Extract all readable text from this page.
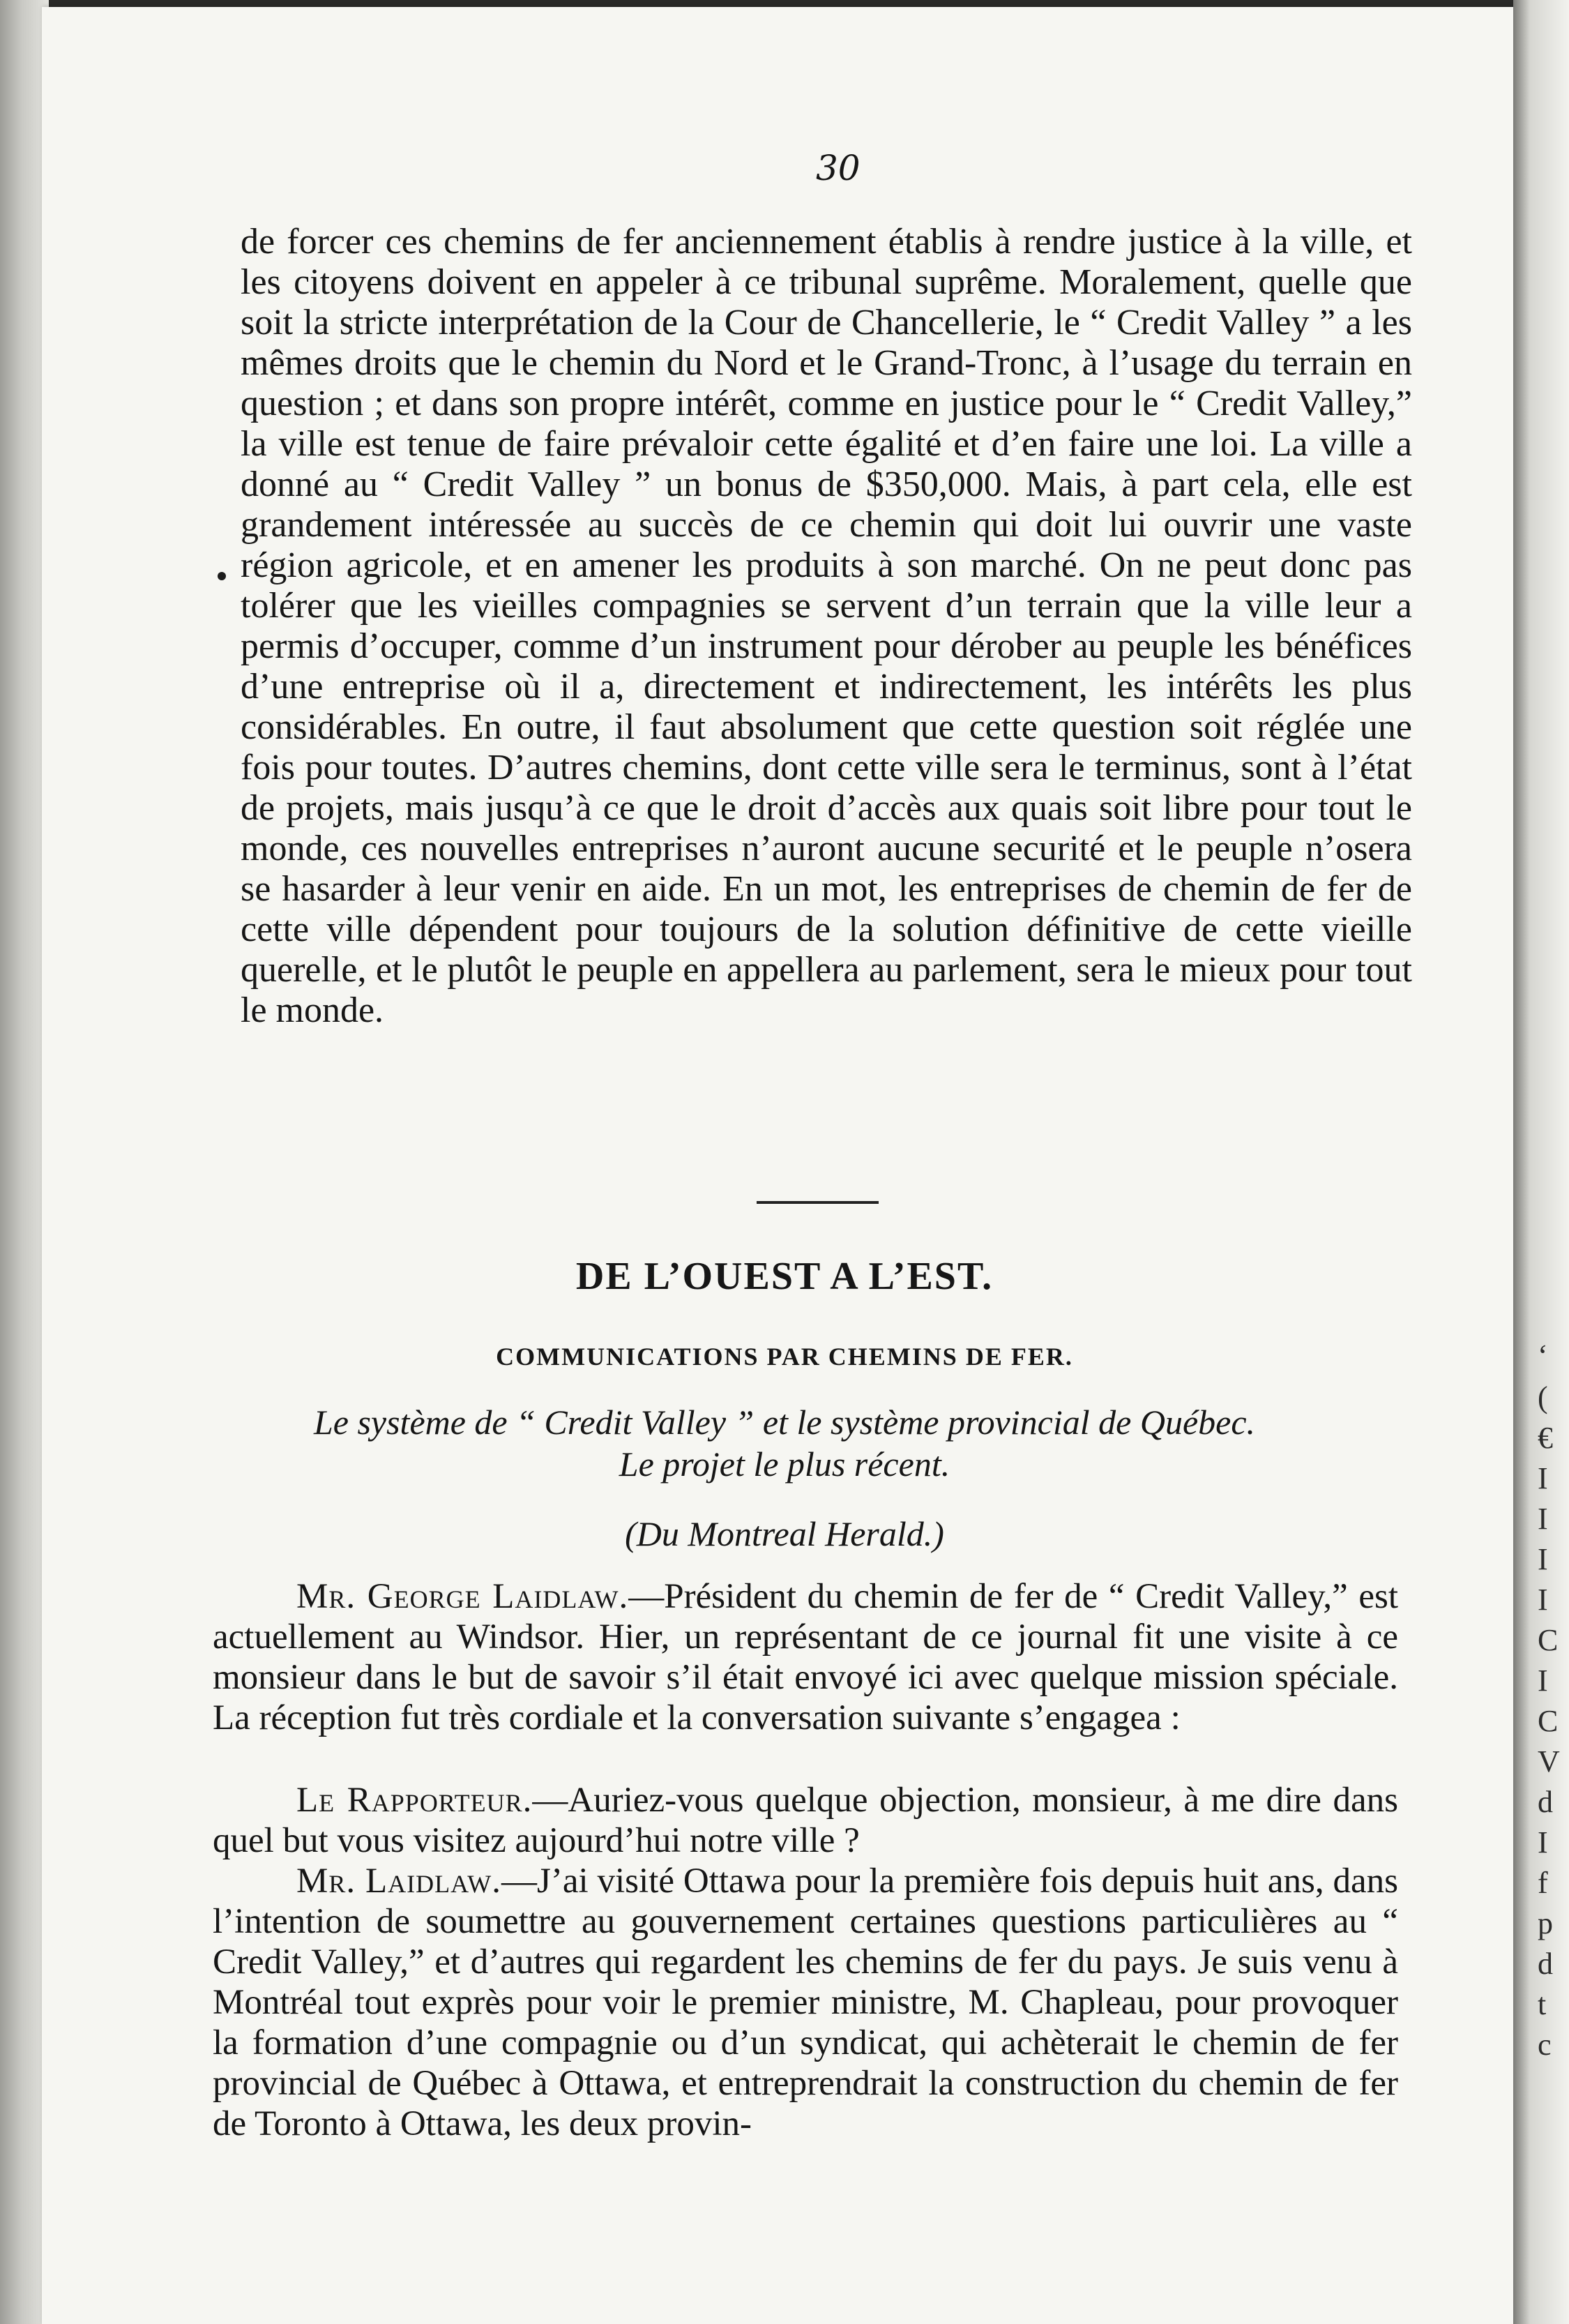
‘
(
€
I
I
I
I
C
I
C
V
d
I
f
p
d
t
c
30

de forcer ces chemins de fer anciennement établis à rendre justice à la ville, et les citoyens doivent en appeler à ce tribunal suprême. Moralement, quelle que soit la stricte interprétation de la Cour de Chancellerie, le “ Credit Valley ” a les mêmes droits que le chemin du Nord et le Grand-Tronc, à l’usage du terrain en question ; et dans son propre intérêt, comme en justice pour le “ Credit Valley,” la ville est tenue de faire prévaloir cette égalité et d’en faire une loi. La ville a donné au “ Credit Valley ” un bonus de $350,000. Mais, à part cela, elle est grandement intéressée au succès de ce chemin qui doit lui ouvrir une vaste région agricole, et en amener les produits à son marché. On ne peut donc pas tolérer que les vieilles compagnies se servent d’un terrain que la ville leur a permis d’occuper, comme d’un instrument pour dérober au peuple les bénéfices d’une entreprise où il a, directement et indirectement, les intérêts les plus considérables. En outre, il faut absolument que cette question soit réglée une fois pour toutes. D’autres chemins, dont cette ville sera le terminus, sont à l’état de projets, mais jusqu’à ce que le droit d’accès aux quais soit libre pour tout le monde, ces nouvelles entreprises n’auront aucune securité et le peuple n’osera se hasarder à leur venir en aide. En un mot, les entreprises de chemin de fer de cette ville dépendent pour toujours de la solution définitive de cette vieille querelle, et le plutôt le peuple en appellera au parlement, sera le mieux pour tout le monde.

DE L’OUEST A L’EST.
COMMUNICATIONS PAR CHEMINS DE FER.
Le système de “ Credit Valley ” et le système provincial de Québec.
Le projet le plus récent.
(Du Montreal Herald.)

Mr. George Laidlaw.—Président du chemin de fer de “ Credit Valley,” est actuellement au Windsor. Hier, un représentant de ce journal fit une visite à ce monsieur dans le but de savoir s’il était envoyé ici avec quelque mission spéciale. La réception fut très cordiale et la conversation suivante s’engagea :

Le Rapporteur.—Auriez-vous quelque objection, monsieur, à me dire dans quel but vous visitez aujourd’hui notre ville ?

Mr. Laidlaw.—J’ai visité Ottawa pour la première fois depuis huit ans, dans l’intention de soumettre au gouvernement certaines questions particulières au “ Credit Valley,” et d’autres qui regardent les chemins de fer du pays. Je suis venu à Montréal tout exprès pour voir le premier ministre, M. Chapleau, pour provoquer la formation d’une compagnie ou d’un syndicat, qui achèterait le chemin de fer provincial de Québec à Ottawa, et entreprendrait la construction du chemin de fer de Toronto à Ottawa, les deux provin-
